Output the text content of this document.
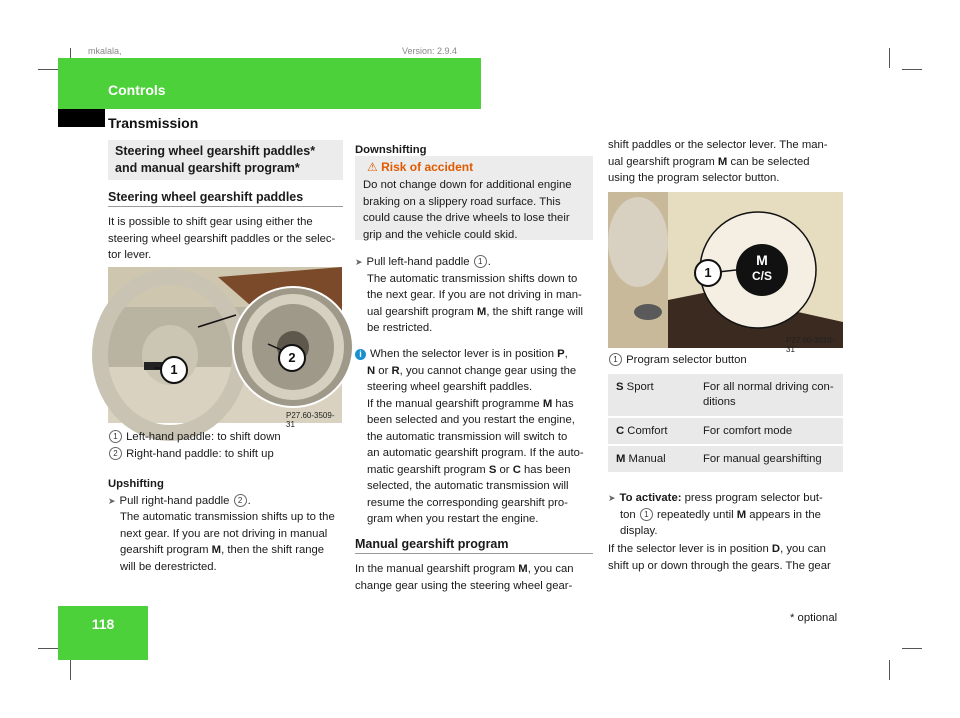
mkalala,	Version: 2.9.4
Controls
Transmission
118	* optional
Steering wheel gearshift paddles*
and manual gearshift program*
Steering wheel gearshift paddles
It is possible to shift gear using either the
steering wheel gearshift paddles or the selec-
tor lever.
1
2
P27.60-3509-31
1 Left-hand paddle: to shift down
2 Right-hand paddle: to shift up
Upshifting
➤ Pull right-hand paddle 2 .
The automatic transmission shifts up to the
next gear. If you are not driving in manual
gearshift program M, then the shift range
will be derestricted.
Downshifting
⚠ Risk of accident
Do not change down for additional engine
braking on a slippery road surface. This
could cause the drive wheels to lose their
grip and the vehicle could skid.
➤ Pull left-hand paddle 1 .
The automatic transmission shifts down to
the next gear. If you are not driving in man-
ual gearshift program M, the shift range will
be restricted.
i When the selector lever is in position P,
N or R, you cannot change gear using the
steering wheel gearshift paddles.
If the manual gearshift programme M has
been selected and you restart the engine,
the automatic transmission will switch to
an automatic gearshift program. If the auto-
matic gearshift program S or C has been
selected, the automatic transmission will
resume the corresponding gearshift pro-
gram when you restart the engine.
Manual gearshift program
In the manual gearshift program M, you can
change gear using the steering wheel gear-
shift paddles or the selector lever. The man-
ual gearshift program M can be selected
using the program selector button.
M
C/S
1
P27.60-3010-31
1 Program selector button
S Sport	For all normal driving con-
ditions
C Comfort	For comfort mode
M Manual	For manual gearshifting
➤ To activate: press program selector but-
ton 1 repeatedly until M appears in the
display.
If the selector lever is in position D, you can
shift up or down through the gears. The gear
